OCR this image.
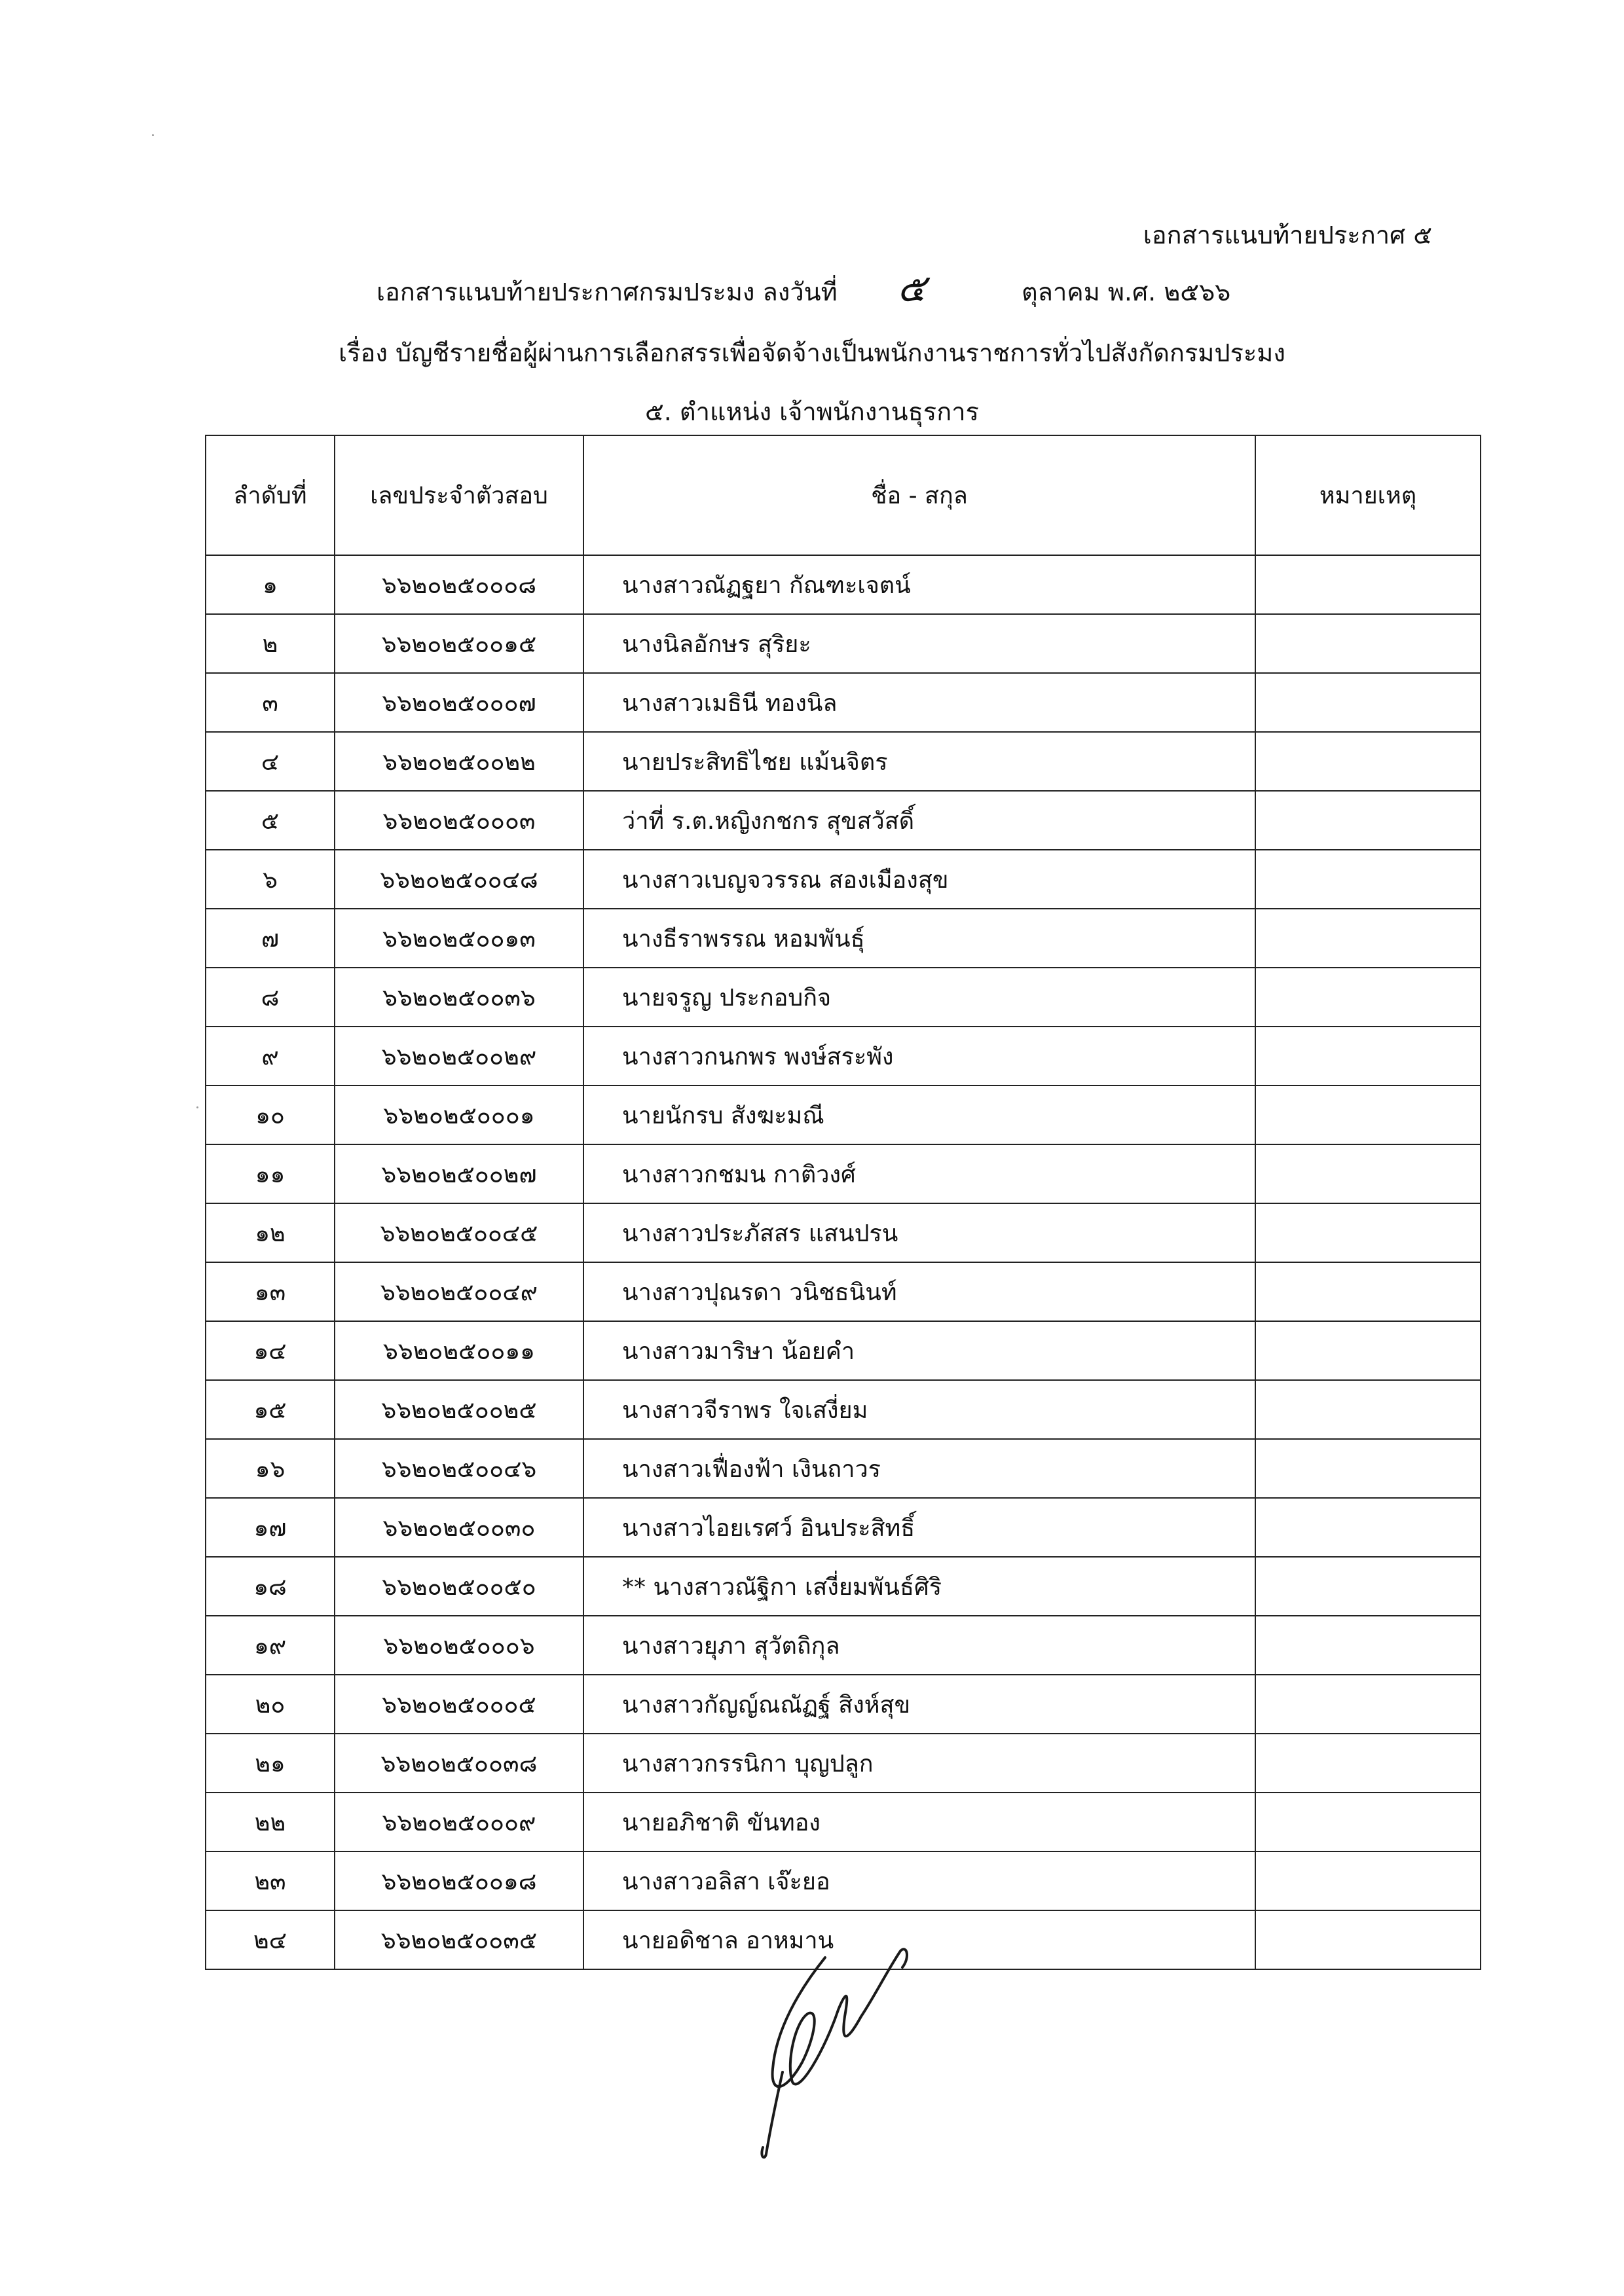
เอกสารแนบท้ายประกาศ ๕
เอกสารแนบท้ายประกาศกรมประมง ลงวันที่ ๕	ตุลาคม พ.ศ. ๒๕๖๖
เรื่อง บัญชีรายชื่อผู้ผ่านการเลือกสรรเพื่อจัดจ้างเป็นพนักงานราชการทั่วไปสังกัดกรมประมง
๕. ตำแหน่ง เจ้าพนักงานธุรการ
ลำดับที่	เลขประจำตัวสอบ	ชื่อ - สกุล	หมายเหตุ
๑	๖๖๒๐๒๕๐๐๐๘	นางสาวณัฏฐยา กัณฑะเจตน์	
๒	๖๖๒๐๒๕๐๐๑๕	นางนิลอักษร สุริยะ	
๓	๖๖๒๐๒๕๐๐๐๗	นางสาวเมธินี ทองนิล	
๔	๖๖๒๐๒๕๐๐๒๒	นายประสิทธิไชย แม้นจิตร	
๕	๖๖๒๐๒๕๐๐๐๓	ว่าที่ ร.ต.หญิงกชกร สุขสวัสดิ์	
๖	๖๖๒๐๒๕๐๐๔๘	นางสาวเบญจวรรณ สองเมืองสุข	
๗	๖๖๒๐๒๕๐๐๑๓	นางธีราพรรณ หอมพันธุ์	
๘	๖๖๒๐๒๕๐๐๓๖	นายจรูญ ประกอบกิจ	
๙	๖๖๒๐๒๕๐๐๒๙	นางสาวกนกพร พงษ์สระพัง	
๑๐	๖๖๒๐๒๕๐๐๐๑	นายนักรบ สังฆะมณี	
๑๑	๖๖๒๐๒๕๐๐๒๗	นางสาวกชมน กาติวงศ์	
๑๒	๖๖๒๐๒๕๐๐๔๕	นางสาวประภัสสร แสนปรน	
๑๓	๖๖๒๐๒๕๐๐๔๙	นางสาวปุณรดา วนิชธนินท์	
๑๔	๖๖๒๐๒๕๐๐๑๑	นางสาวมาริษา น้อยคำ	
๑๕	๖๖๒๐๒๕๐๐๒๕	นางสาวจีราพร ใจเสงี่ยม	
๑๖	๖๖๒๐๒๕๐๐๔๖	นางสาวเฟื่องฟ้า เงินถาวร	
๑๗	๖๖๒๐๒๕๐๐๓๐	นางสาวไอยเรศว์ อินประสิทธิ์	
๑๘	๖๖๒๐๒๕๐๐๕๐	** นางสาวณัฐิกา เสงี่ยมพันธ์ศิริ	
๑๙	๖๖๒๐๒๕๐๐๐๖	นางสาวยุภา สุวัตถิกุล	
๒๐	๖๖๒๐๒๕๐๐๐๕	นางสาวกัญญ์ณณัฏฐ์ สิงห์สุข	
๒๑	๖๖๒๐๒๕๐๐๓๘	นางสาวกรรนิกา บุญปลูก	
๒๒	๖๖๒๐๒๕๐๐๐๙	นายอภิชาติ ขันทอง	
๒๓	๖๖๒๐๒๕๐๐๑๘	นางสาวอลิสา เจ๊ะยอ	
๒๔	๖๖๒๐๒๕๐๐๓๕	นายอดิชาล อาหมาน	
